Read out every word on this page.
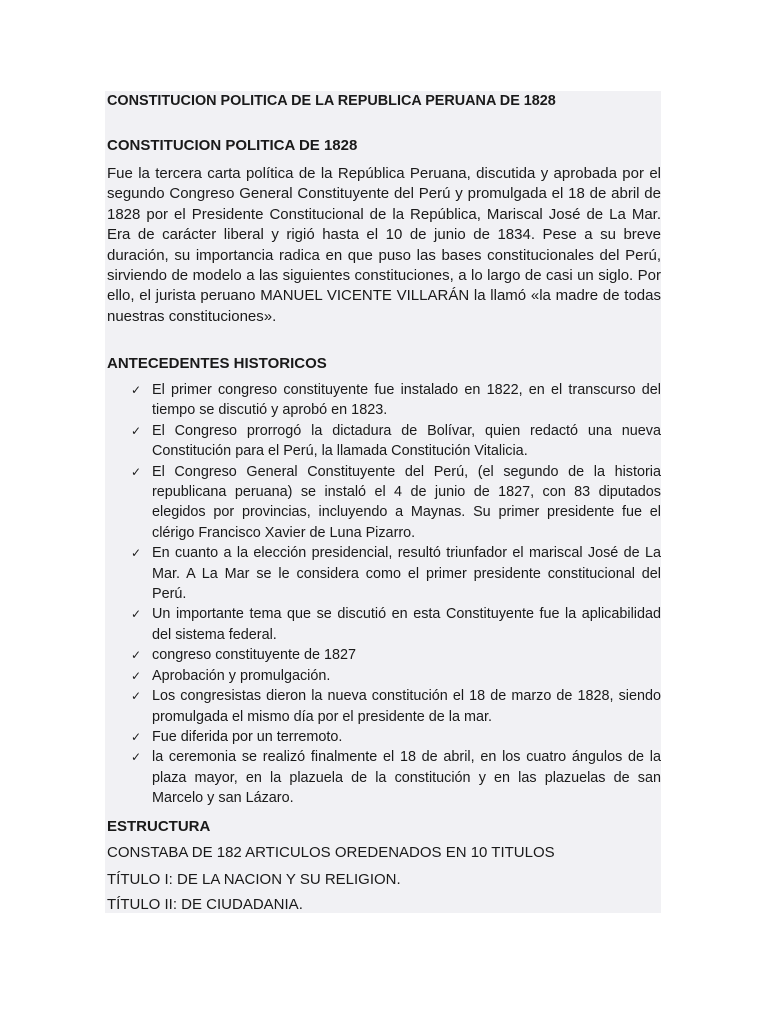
CONSTITUCION POLITICA DE LA REPUBLICA PERUANA DE 1828

CONSTITUCION POLITICA DE 1828

Fue la tercera carta política de la República Peruana, discutida y aprobada por el segundo Congreso General Constituyente del Perú y promulgada el 18 de abril de 1828 por el Presidente Constitucional de la República, Mariscal José de La Mar. Era de carácter liberal y rigió hasta el 10 de junio de 1834. Pese a su breve duración, su importancia radica en que puso las bases constitucionales del Perú, sirviendo de modelo a las siguientes constituciones, a lo largo de casi un siglo. Por ello, el jurista peruano MANUEL VICENTE VILLARÁN la llamó «la madre de todas nuestras constituciones».

ANTECEDENTES HISTORICOS

✓ El primer congreso constituyente fue instalado en 1822, en el transcurso del tiempo se discutió y aprobó en 1823.
✓ El Congreso prorrogó la dictadura de Bolívar, quien redactó una nueva Constitución para el Perú, la llamada Constitución Vitalicia.
✓ El Congreso General Constituyente del Perú, (el segundo de la historia republicana peruana) se instaló el 4 de junio de 1827, con 83 diputados elegidos por provincias, incluyendo a Maynas. Su primer presidente fue el clérigo Francisco Xavier de Luna Pizarro.
✓ En cuanto a la elección presidencial, resultó triunfador el mariscal José de La Mar. A La Mar se le considera como el primer presidente constitucional del Perú.
✓ Un importante tema que se discutió en esta Constituyente fue la aplicabilidad del sistema federal.
✓ congreso constituyente de 1827
✓ Aprobación y promulgación.
✓ Los congresistas dieron la nueva constitución el 18 de marzo de 1828, siendo promulgada el mismo día por el presidente de la mar.
✓ Fue diferida por un terremoto.
✓ la ceremonia se realizó finalmente el 18 de abril, en los cuatro ángulos de la plaza mayor, en la plazuela de la constitución y en las plazuelas de san Marcelo y san Lázaro.

ESTRUCTURA

CONSTABA DE 182 ARTICULOS OREDENADOS EN 10 TITULOS

TÍTULO I: DE LA NACION Y SU RELIGION.

TÍTULO II: DE CIUDADANIA.
